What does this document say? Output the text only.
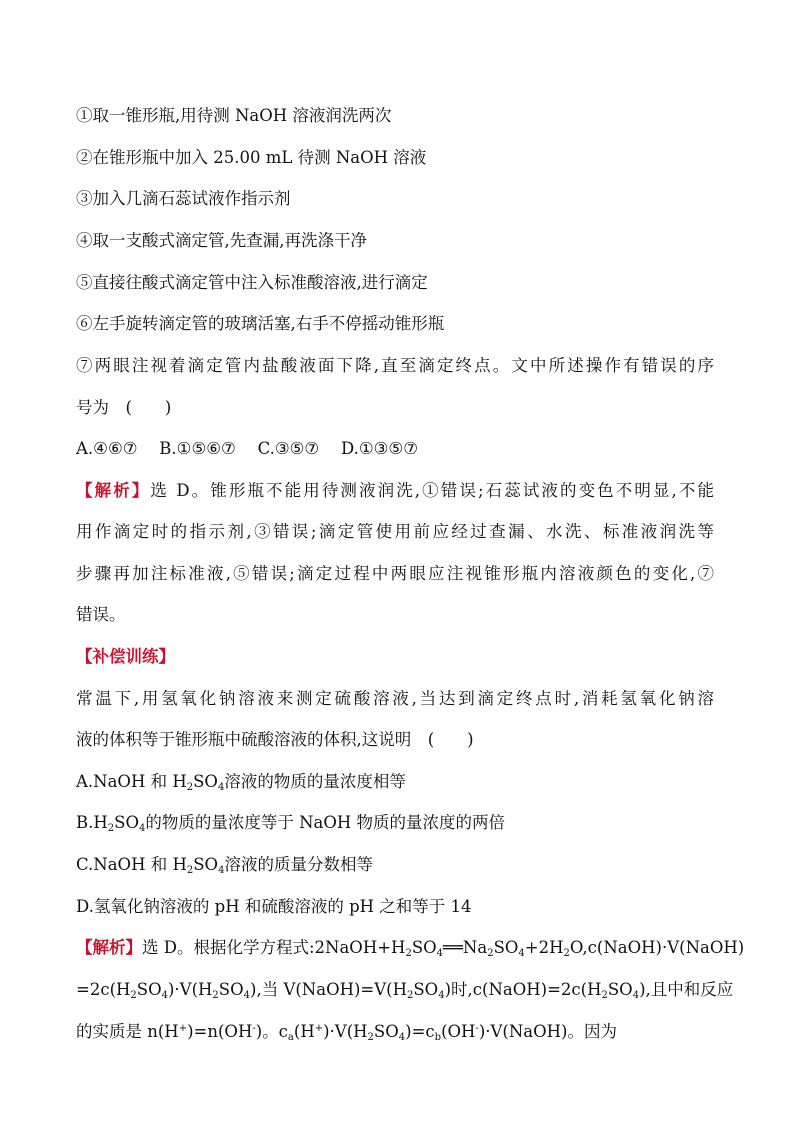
①取一锥形瓶,用待测 NaOH 溶液润洗两次
②在锥形瓶中加入 25.00 mL 待测 NaOH 溶液
③加入几滴石蕊试液作指示剂
④取一支酸式滴定管,先查漏,再洗涤干净
⑤直接往酸式滴定管中注入标准酸溶液,进行滴定
⑥左手旋转滴定管的玻璃活塞,右手不停摇动锥形瓶
⑦两眼注视着滴定管内盐酸液面下降,直至滴定终点。文中所述操作有错误的序
号为　(　　)
A.④⑥⑦　 B.①⑤⑥⑦ 　C.③⑤⑦ 　D.①③⑤⑦
【解析】选 D。锥形瓶不能用待测液润洗,①错误;石蕊试液的变色不明显,不能
用作滴定时的指示剂,③错误;滴定管使用前应经过查漏、水洗、标准液润洗等
步骤再加注标准液,⑤错误;滴定过程中两眼应注视锥形瓶内溶液颜色的变化,⑦
错误。
【补偿训练】
常温下,用氢氧化钠溶液来测定硫酸溶液,当达到滴定终点时,消耗氢氧化钠溶
液的体积等于锥形瓶中硫酸溶液的体积,这说明　(　　)
A.NaOH 和 $H_2SO_4$溶液的物质的量浓度相等
$B.H_2SO_4$的物质的量浓度等于 NaOH 物质的量浓度的两倍
C.NaOH 和 $H_2SO_4$溶液的质量分数相等
D.氢氧化钠溶液的 pH 和硫酸溶液的 pH 之和等于 14
【解析】选 D。根据化学方程式$:2NaOH+H_2SO_4══Na_2SO_4+2H_2O,c(NaOH)\cdot V(NaOH)$
$=2c(H_2SO_4)\cdot V(H_2SO_4)$,当 $V(NaOH)=V(H_2SO_4)$时$,c(NaOH)=2c(H_2SO_4)$,且中和反应
的实质是 n(H+)=n(OH-)。$c_a(H^+)\cdot V(H_2SO_4)=c_b(OH^-)\cdot V(NaOH)$。因为
